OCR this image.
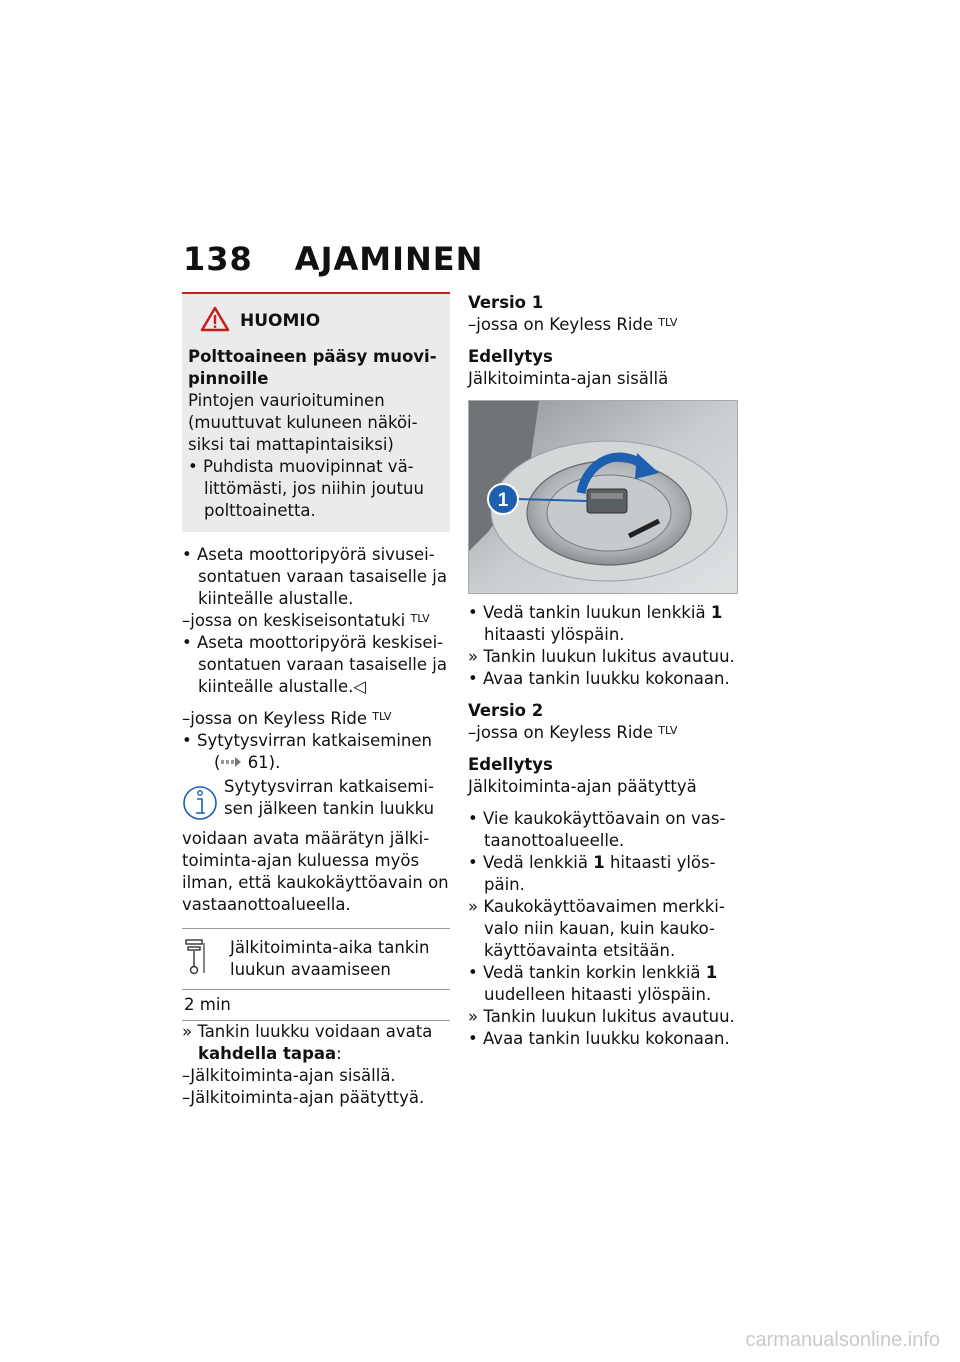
138 AJAMINEN
HUOMIO

Polttoaineen pääsy muovi-pinnoille

Pintojen vaurioituminen (muuttuvat kuluneen näköi-siksi tai mattapintaisiksi)

• Puhdista muovipinnat vä-littömästi, jos niihin joutuu polttoainetta.

• Aseta moottoripyörä sivusei-sontatuen varaan tasaiselle ja kiinteälle alustalle.

–jossa on keskiseisontatuki $^{TLV}$

• Aseta moottoripyörä keskisei-sontatuen varaan tasaiselle ja kiinteälle alustalle.◁

–jossa on Keyless Ride $^{TLV}$

• Sytytysvirran katkaiseminen
( 61).

Sytytysvirran katkaisemi-

sen jälkeen tankin luukku

voidaan avata määrätyn jälki-toiminta-ajan kuluessa myös ilman, että kaukokäyttöavain on vastaanottoalueella.

Jälkitoiminta-aika tankin luukun avaamiseen
2 min

» Tankin luukku voidaan avata kahdella tapaa:

–Jälkitoiminta-ajan sisällä.

–Jälkitoiminta-ajan päätyttyä.

Versio 1

–jossa on Keyless Ride $^{TLV}$

Edellytys

Jälkitoiminta-ajan sisällä

1

• Vedä tankin luukun lenkkiä 1 hitaasti ylöspäin.

» Tankin luukun lukitus avautuu.

• Avaa tankin luukku kokonaan.

Versio 2

–jossa on Keyless Ride $^{TLV}$

Edellytys

Jälkitoiminta-ajan päätyttyä

• Vie kaukokäyttöavain on vas-taanottoalueelle.

• Vedä lenkkiä 1 hitaasti ylös-päin.

» Kaukokäyttöavaimen merkki-valo niin kauan, kuin kauko-käyttöavainta etsitään.

• Vedä tankin korkin lenkkiä 1 uudelleen hitaasti ylöspäin.

» Tankin luukun lukitus avautuu.

• Avaa tankin luukku kokonaan.

carmanualsonline.info
